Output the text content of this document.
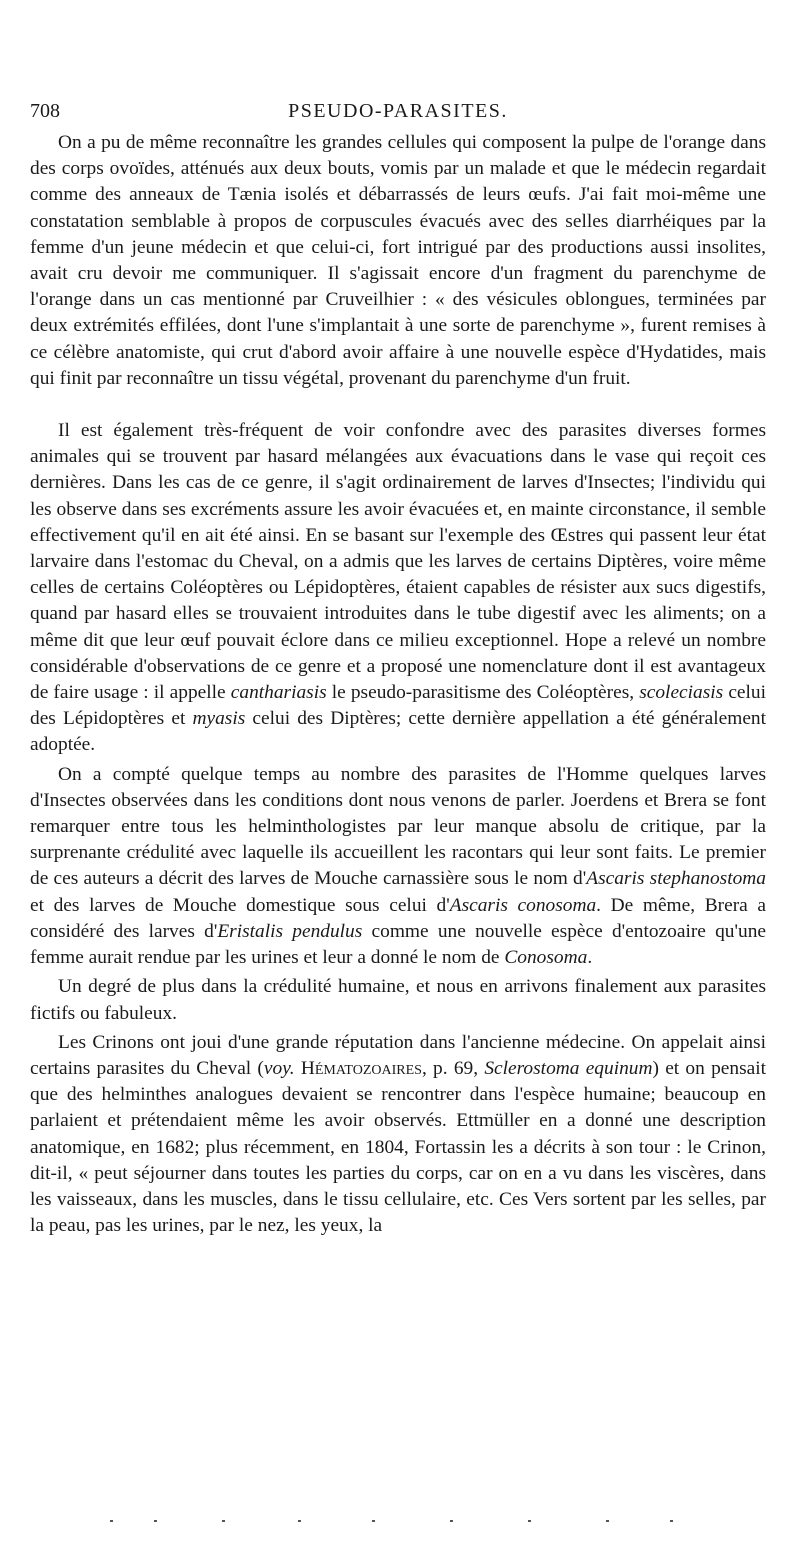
708	PSEUDO-PARASITES.

On a pu de même reconnaître les grandes cellules qui composent la pulpe de l'orange dans des corps ovoïdes, atténués aux deux bouts, vomis par un malade et que le médecin regardait comme des anneaux de Tænia isolés et débarrassés de leurs œufs. J'ai fait moi-même une constatation semblable à propos de corpuscules évacués avec des selles diarrhéiques par la femme d'un jeune médecin et que celui-ci, fort intrigué par des productions aussi insolites, avait cru devoir me communiquer. Il s'agissait encore d'un fragment du parenchyme de l'orange dans un cas mentionné par Cruveilhier : « des vésicules oblongues, terminées par deux extrémités effilées, dont l'une s'implantait à une sorte de parenchyme », furent remises à ce célèbre anatomiste, qui crut d'abord avoir affaire à une nouvelle espèce d'Hydatides, mais qui finit par reconnaître un tissu végétal, provenant du parenchyme d'un fruit.

Il est également très-fréquent de voir confondre avec des parasites diverses formes animales qui se trouvent par hasard mélangées aux évacuations dans le vase qui reçoit ces dernières. Dans les cas de ce genre, il s'agit ordinairement de larves d'Insectes; l'individu qui les observe dans ses excréments assure les avoir évacuées et, en mainte circonstance, il semble effectivement qu'il en ait été ainsi. En se basant sur l'exemple des Œstres qui passent leur état larvaire dans l'estomac du Cheval, on a admis que les larves de certains Diptères, voire même celles de certains Coléoptères ou Lépidoptères, étaient capables de résister aux sucs digestifs, quand par hasard elles se trouvaient introduites dans le tube digestif avec les aliments; on a même dit que leur œuf pouvait éclore dans ce milieu exceptionnel. Hope a relevé un nombre considérable d'observations de ce genre et a proposé une nomenclature dont il est avantageux de faire usage : il appelle canthariasis le pseudo-parasitisme des Coléoptères, scoleciasis celui des Lépidoptères et myasis celui des Diptères; cette dernière appellation a été généralement adoptée.

On a compté quelque temps au nombre des parasites de l'Homme quelques larves d'Insectes observées dans les conditions dont nous venons de parler. Joerdens et Brera se font remarquer entre tous les helminthologistes par leur manque absolu de critique, par la surprenante crédulité avec laquelle ils accueillent les racontars qui leur sont faits. Le premier de ces auteurs a décrit des larves de Mouche carnassière sous le nom d'Ascaris stephanostoma et des larves de Mouche domestique sous celui d'Ascaris conosoma. De même, Brera a considéré des larves d'Eristalis pendulus comme une nouvelle espèce d'entozoaire qu'une femme aurait rendue par les urines et leur a donné le nom de Conosoma.

Un degré de plus dans la crédulité humaine, et nous en arrivons finalement aux parasites fictifs ou fabuleux.

Les Crinons ont joui d'une grande réputation dans l'ancienne médecine. On appelait ainsi certains parasites du Cheval (voy. Hématozoaires, p. 69, Sclerostoma equinum) et on pensait que des helminthes analogues devaient se rencontrer dans l'espèce humaine; beaucoup en parlaient et prétendaient même les avoir observés. Ettmüller en a donné une description anatomique, en 1682; plus récemment, en 1804, Fortassin les a décrits à son tour : le Crinon, dit-il, « peut séjourner dans toutes les parties du corps, car on en a vu dans les viscères, dans les vaisseaux, dans les muscles, dans le tissu cellulaire, etc. Ces Vers sortent par les selles, par la peau, pas les urines, par le nez, les yeux, la
